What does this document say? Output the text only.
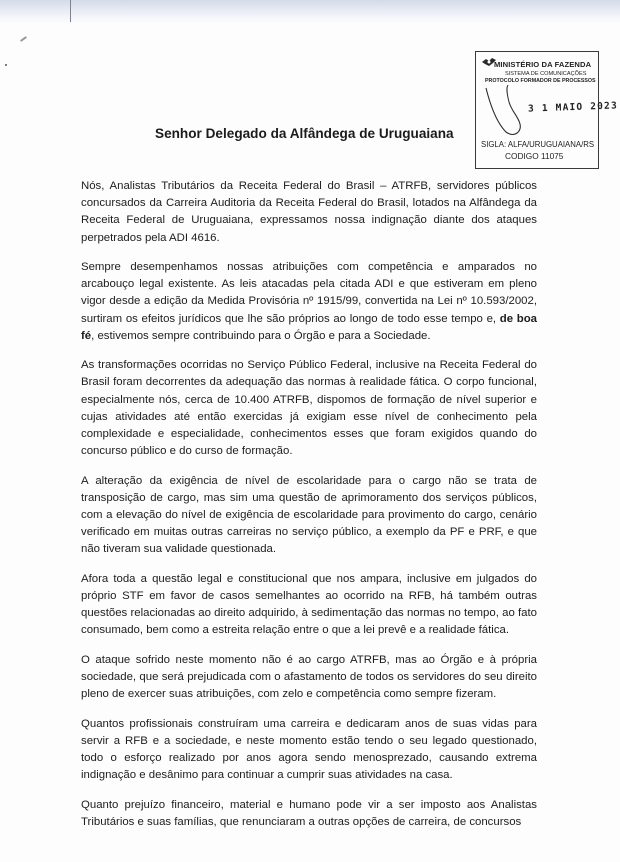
MINISTÉRIO DA FAZENDA
SISTEMA DE COMUNICAÇÕES
PROTOCOLO FORMADOR DE PROCESSOS
3 1 MAIO 2023
SIGLA: ALFA/URUGUAIANA/RS
CODIGO 11075
Senhor Delegado da Alfândega de Uruguaiana

Nós, Analistas Tributários da Receita Federal do Brasil – ATRFB, servidores públicos concursados da Carreira Auditoria da Receita Federal do Brasil, lotados na Alfândega da Receita Federal de Uruguaiana, expressamos nossa indignação diante dos ataques perpetrados pela ADI 4616.

Sempre desempenhamos nossas atribuições com competência e amparados no arcabouço legal existente. As leis atacadas pela citada ADI e que estiveram em pleno vigor desde a edição da Medida Provisória nº 1915/99, convertida na Lei nº 10.593/2002, surtiram os efeitos jurídicos que lhe são próprios ao longo de todo esse tempo e, de boa fé, estivemos sempre contribuindo para o Órgão e para a Sociedade.

As transformações ocorridas no Serviço Público Federal, inclusive na Receita Federal do Brasil foram decorrentes da adequação das normas à realidade fática. O corpo funcional, especialmente nós, cerca de 10.400 ATRFB, dispomos de formação de nível superior e cujas atividades até então exercidas já exigiam esse nível de conhecimento pela complexidade e especialidade, conhecimentos esses que foram exigidos quando do concurso público e do curso de formação.

A alteração da exigência de nível de escolaridade para o cargo não se trata de transposição de cargo, mas sim uma questão de aprimoramento dos serviços públicos, com a elevação do nível de exigência de escolaridade para provimento do cargo, cenário verificado em muitas outras carreiras no serviço público, a exemplo da PF e PRF, e que não tiveram sua validade questionada.

Afora toda a questão legal e constitucional que nos ampara, inclusive em julgados do próprio STF em favor de casos semelhantes ao ocorrido na RFB, há também outras questões relacionadas ao direito adquirido, à sedimentação das normas no tempo, ao fato consumado, bem como a estreita relação entre o que a lei prevê e a realidade fática.

O ataque sofrido neste momento não é ao cargo ATRFB, mas ao Órgão e à própria sociedade, que será prejudicada com o afastamento de todos os servidores do seu direito pleno de exercer suas atribuições, com zelo e competência como sempre fizeram.

Quantos profissionais construíram uma carreira e dedicaram anos de suas vidas para servir a RFB e a sociedade, e neste momento estão tendo o seu legado questionado, todo o esforço realizado por anos agora sendo menosprezado, causando extrema indignação e desânimo para continuar a cumprir suas atividades na casa.

Quanto prejuízo financeiro, material e humano pode vir a ser imposto aos Analistas Tributários e suas famílias, que renunciaram a outras opções de carreira, de concursos
